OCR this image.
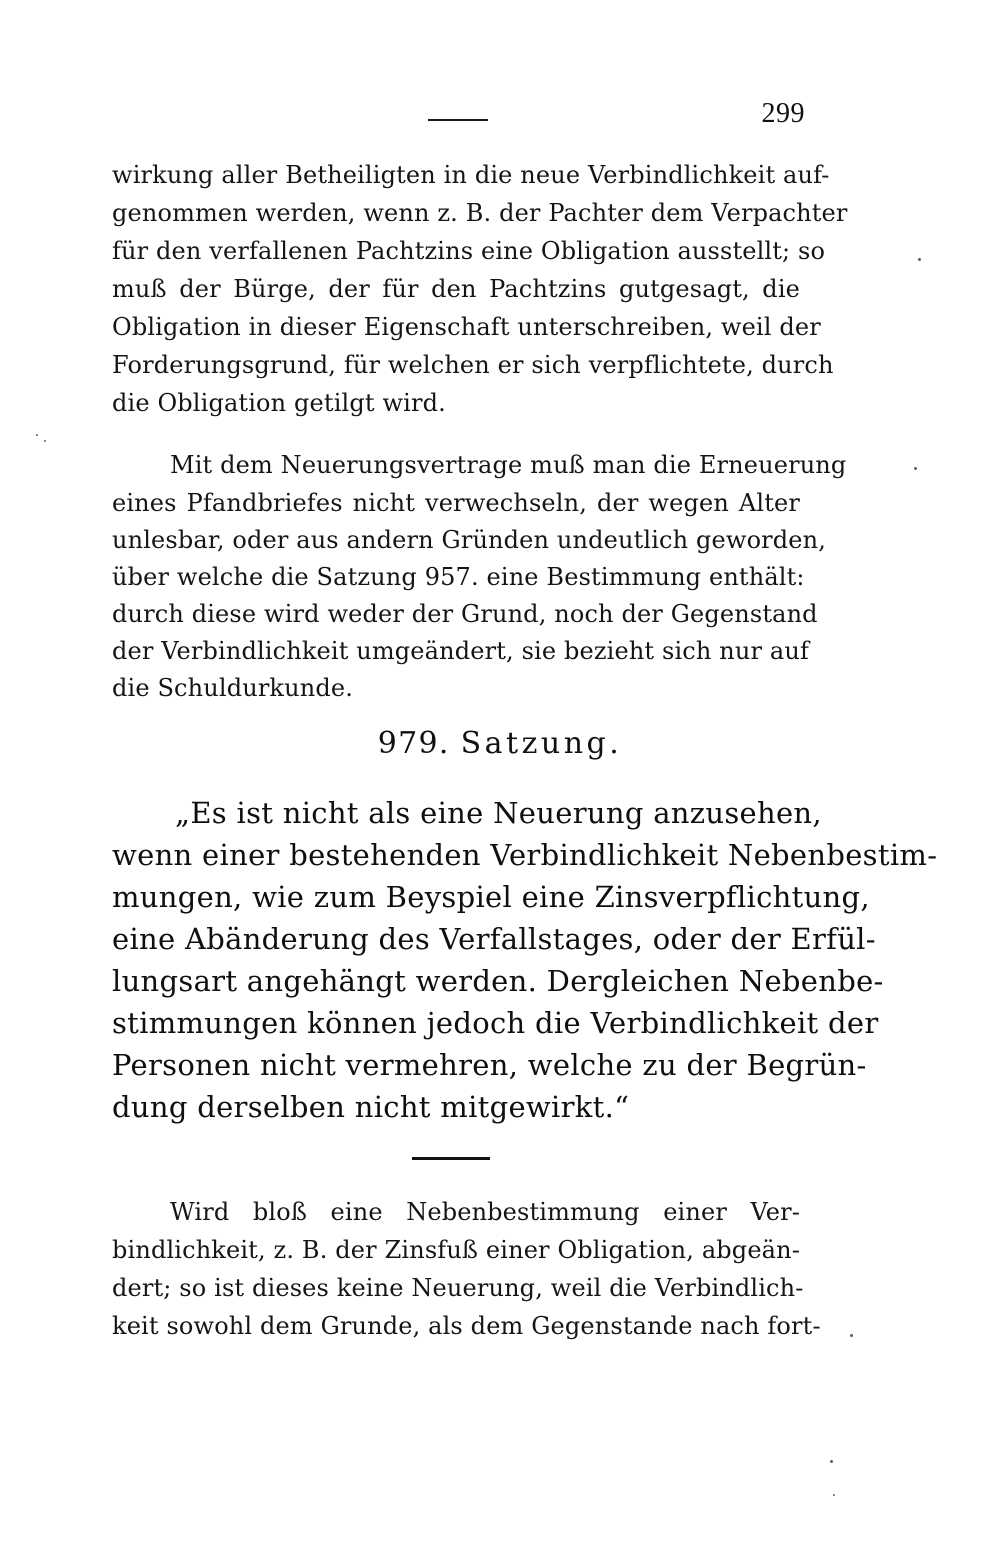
299
wirkung aller Betheiligten in die neue Verbindlichkeit auf-
genommen werden, wenn z. B. der Pachter dem Verpachter
für den verfallenen Pachtzins eine Obligation ausstellt; so
muß der Bürge, der für den Pachtzins gutgesagt, die
Obligation in dieser Eigenschaft unterschreiben, weil der
Forderungsgrund, für welchen er sich verpflichtete, durch
die Obligation getilgt wird.
Mit dem Neuerungsvertrage muß man die Erneuerung
eines Pfandbriefes nicht verwechseln, der wegen Alter
unlesbar, oder aus andern Gründen undeutlich geworden,
über welche die Satzung 957. eine Bestimmung enthält:
durch diese wird weder der Grund, noch der Gegenstand
der Verbindlichkeit umgeändert, sie bezieht sich nur auf
die Schuldurkunde.
979. Satzung.
„Es ist nicht als eine Neuerung anzusehen,
wenn einer bestehenden Verbindlichkeit Nebenbestim-
mungen, wie zum Beyspiel eine Zinsverpflichtung,
eine Abänderung des Verfallstages, oder der Erfül-
lungsart angehängt werden. Dergleichen Nebenbe-
stimmungen können jedoch die Verbindlichkeit der
Personen nicht vermehren, welche zu der Begrün-
dung derselben nicht mitgewirkt.“
Wird bloß eine Nebenbestimmung einer Ver-
bindlichkeit, z. B. der Zinsfuß einer Obligation, abgeän-
dert; so ist dieses keine Neuerung, weil die Verbindlich-
keit sowohl dem Grunde, als dem Gegenstande nach fort-
